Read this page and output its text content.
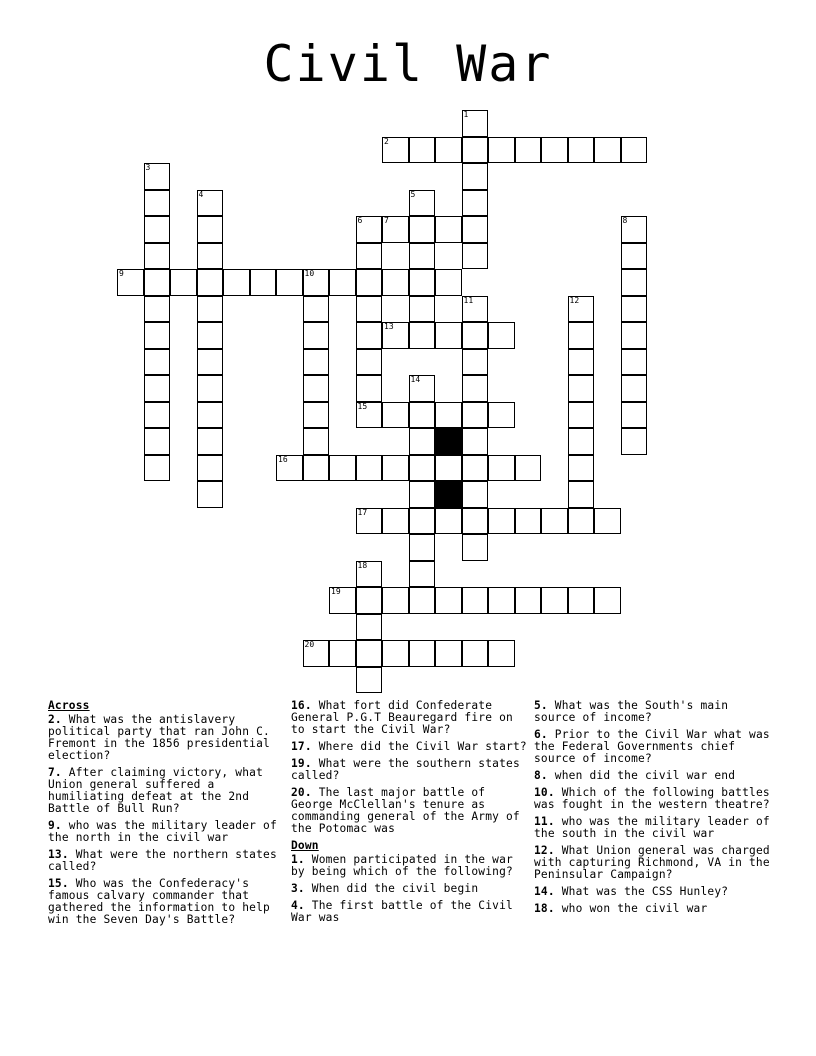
Civil War
1
2
3
4	5
6	7	8
9	10
11	12
13
14
15
16
17
18
19
20
Across
2. What was the antislavery political party that ran John C. Fremont in the 1856 presidential election?
7. After claiming victory, what Union general suffered a humiliating defeat at the 2nd Battle of Bull Run?
9. who was the military leader of the north in the civil war
13. What were the northern states called?
15. Who was the Confederacy's famous calvary commander that gathered the information to help win the Seven Day's Battle?
16. What fort did Confederate General P.G.T Beauregard fire on to start the Civil War?
17. Where did the Civil War start?
19. What were the southern states called?
20. The last major battle of George McClellan's tenure as commanding general of the Army of the Potomac was
Down
1. Women participated in the war by being which of the following?
3. When did the civil begin
4. The first battle of the Civil War was
5. What was the South's main source of income?
6. Prior to the Civil War what was the Federal Governments chief source of income?
8. when did the civil war end
10. Which of the following battles was fought in the western theatre?
11. who was the military leader of the south in the civil war
12. What Union general was charged with capturing Richmond, VA in the Peninsular Campaign?
14. What was the CSS Hunley?
18. who won the civil war
